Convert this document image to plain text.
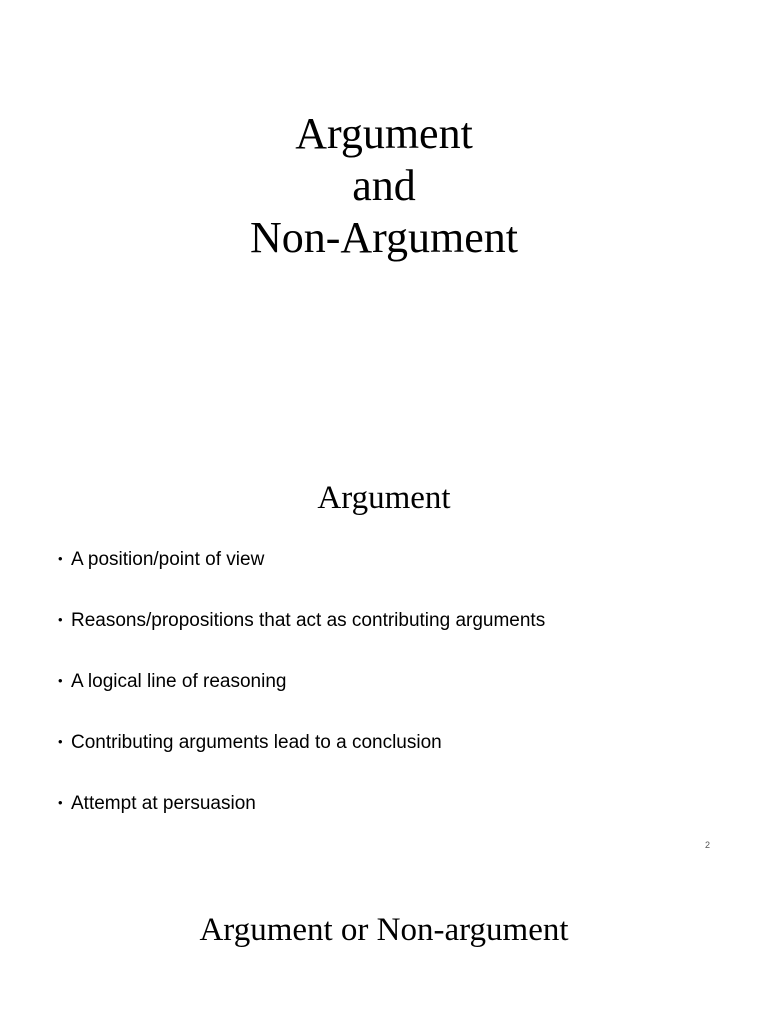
Argument
and
Non-Argument
Argument
• A position/point of view
• Reasons/propositions that act as contributing arguments
• A logical line of reasoning
• Contributing arguments lead to a conclusion
• Attempt at persuasion
2
Argument or Non-argument
